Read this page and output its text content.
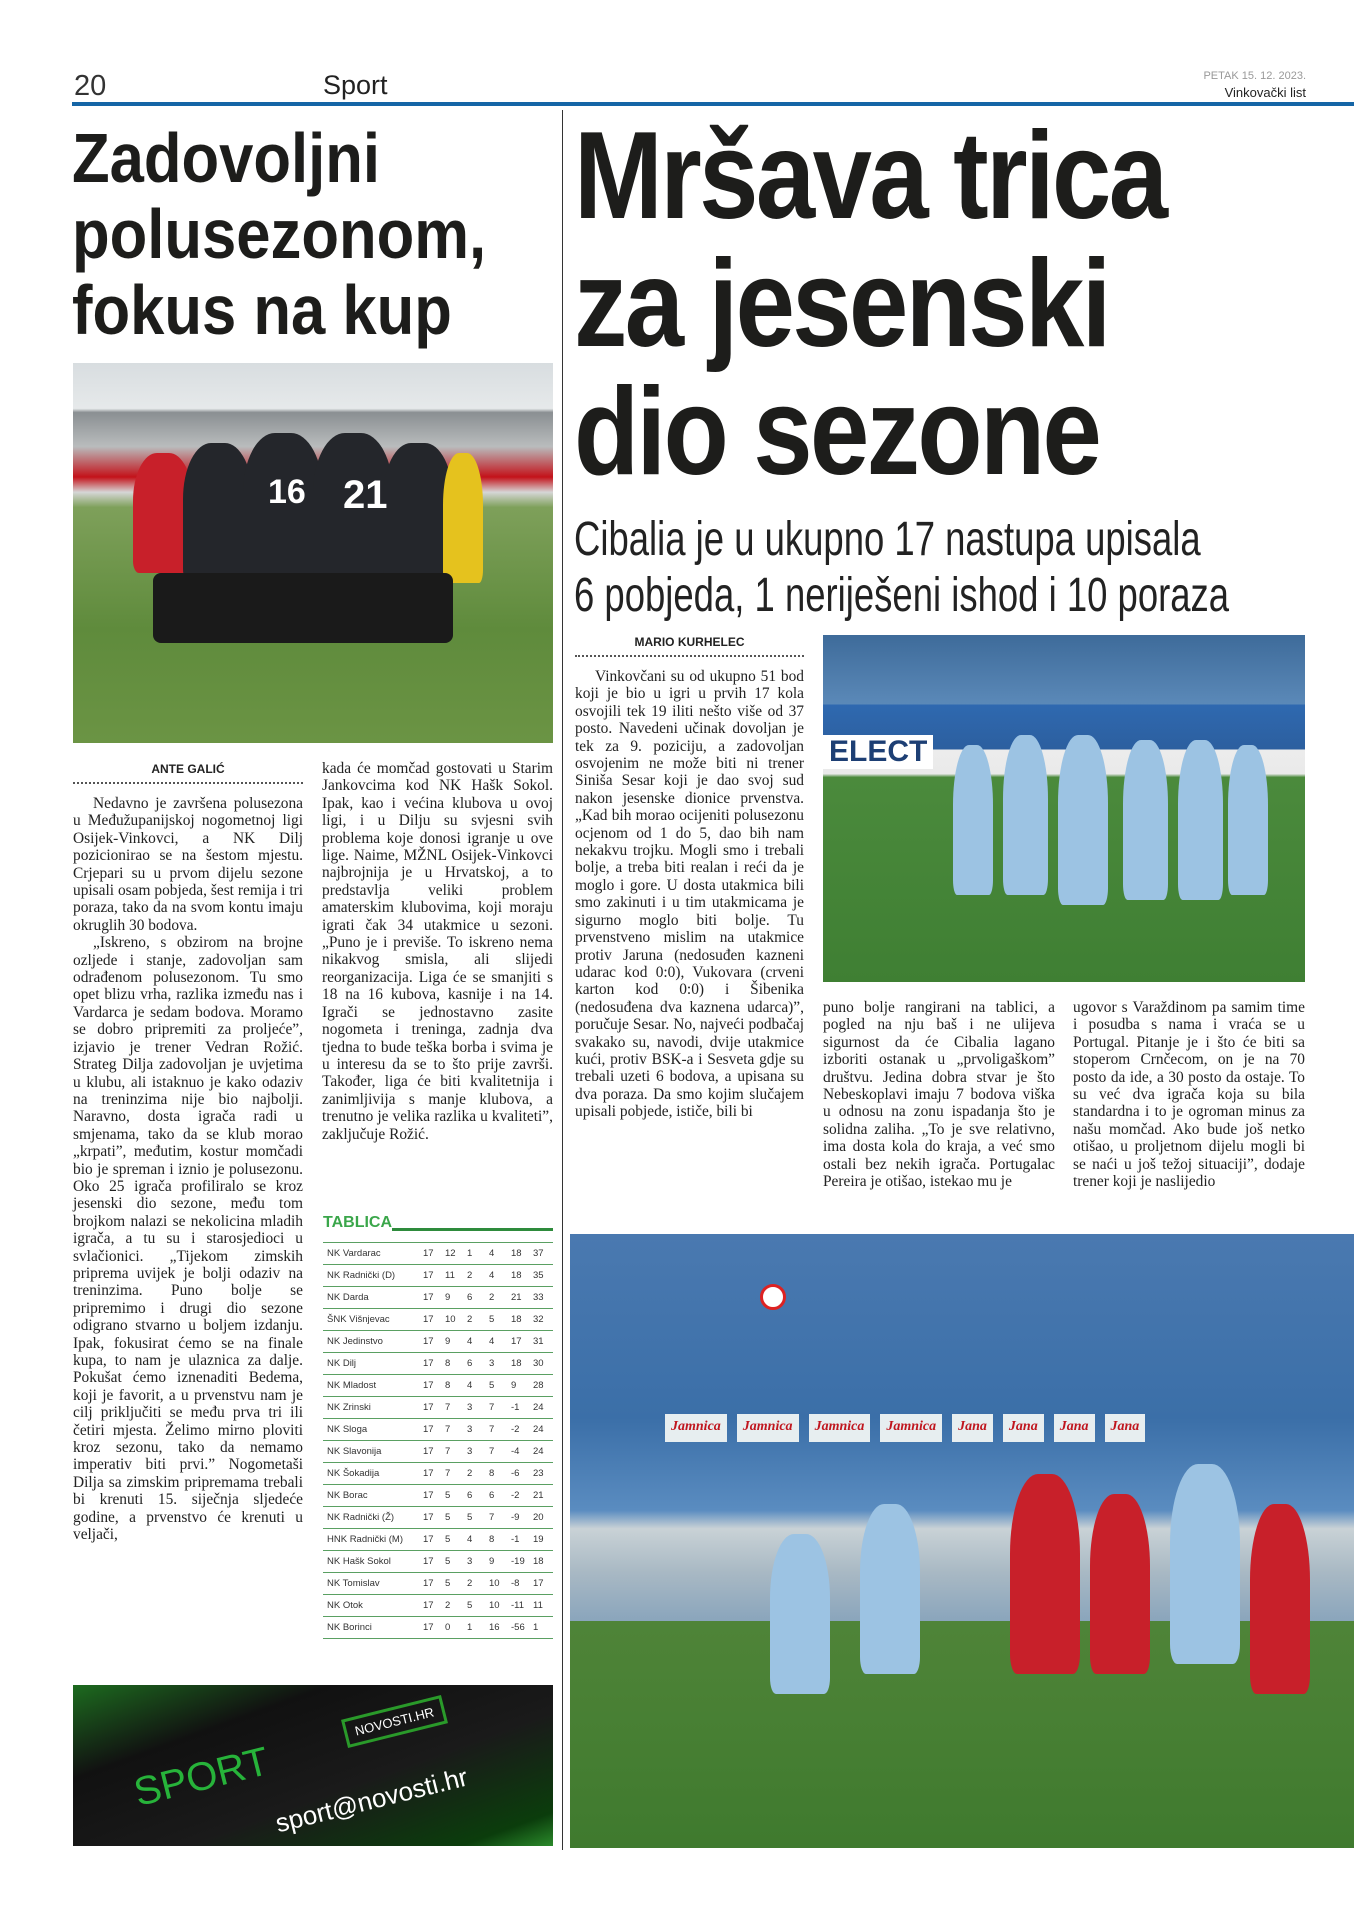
20	Sport	PETAK 15. 12. 2023.
Vinkovački list
Zadovoljni
polusezonom,
fokus na kup
16 21
ANTE GALIĆ

Nedavno je završena polusezona u Međužupanijskoj nogometnoj ligi Osijek-Vinkovci, a NK Dilj pozicionirao se na šestom mjestu. Crjepari su u prvom dijelu sezone upisali osam pobjeda, šest remija i tri poraza, tako da na svom kontu imaju okruglih 30 bodova.

„Iskreno, s obzirom na brojne ozljede i stanje, zadovoljan sam odrađenom polusezonom. Tu smo opet blizu vrha, razlika između nas i Vardarca je sedam bodova. Moramo se dobro pripremiti za proljeće”, izjavio je trener Vedran Rožić. Strateg Dilja zadovoljan je uvjetima u klubu, ali istaknuo je kako odaziv na treninzima nije bio najbolji. Naravno, dosta igrača radi u smjenama, tako da se klub morao „krpati”, međutim, kostur momčadi bio je spreman i iznio je polusezonu. Oko 25 igrača profiliralo se kroz jesenski dio sezone, među tom brojkom nalazi se nekolicina mladih igrača, a tu su i starosjedioci u svlačionici. „Tijekom zimskih priprema uvijek je bolji odaziv na treninzima. Puno bolje se pripremimo i drugi dio sezone odigrano stvarno u boljem izdanju. Ipak, fokusirat ćemo se na finale kupa, to nam je ulaznica za dalje. Pokušat ćemo iznenaditi Bedema, koji je favorit, a u prvenstvu nam je cilj priključiti se među prva tri ili četiri mjesta. Želimo mirno ploviti kroz sezonu, tako da nemamo imperativ biti prvi.” Nogometaši Dilja sa zimskim pripremama trebali bi krenuti 15. siječnja sljedeće godine, a prvenstvo će krenuti u veljači,

kada će momčad gostovati u Starim Jankovcima kod NK Hašk Sokol. Ipak, kao i većina klubova u ovoj ligi, i u Dilju su svjesni svih problema koje donosi igranje u ove lige. Naime, MŽNL Osijek-Vinkovci najbrojnija je u Hrvatskoj, a to predstavlja veliki problem amaterskim klubovima, koji moraju igrati čak 34 utakmice u sezoni. „Puno je i previše. To iskreno nema nikakvog smisla, ali slijedi reorganizacija. Liga će se smanjiti s 18 na 16 kubova, kasnije i na 14. Igrači se jednostavno zasite nogometa i treninga, zadnja dva tjedna to bude teška borba i svima je u interesu da se to što prije završi. Također, liga će biti kvalitetnija i zanimljivija s manje klubova, a trenutno je velika razlika u kvaliteti”, zaključuje Rožić.

TABLICA
NK Vardarac	17	12	1	4	18	37
NK Radnički (D)	17	11	2	4	18	35
NK Darda	17	9	6	2	21	33
ŠNK Višnjevac	17	10	2	5	18	32
NK Jedinstvo	17	9	4	4	17	31
NK Dilj	17	8	6	3	18	30
NK Mladost	17	8	4	5	9	28
NK Zrinski	17	7	3	7	-1	24
NK Sloga	17	7	3	7	-2	24
NK Slavonija	17	7	3	7	-4	24
NK Šokadija	17	7	2	8	-6	23
NK Borac	17	5	6	6	-2	21
NK Radnički (Ž)	17	5	5	7	-9	20
HNK Radnički (M)	17	5	4	8	-1	19
NK Hašk Sokol	17	5	3	9	-19	18
NK Tomislav	17	5	2	10	-8	17
NK Otok	17	2	5	10	-11	11
NK Borinci	17	0	1	16	-56	1
SPORT
NOVOSTI.HR
sport@novosti.hr
Mršava trica
za jesenski
dio sezone
Cibalia je u ukupno 17 nastupa upisala
6 pobjeda, 1 neriješeni ishod i 10 poraza
MARIO KURHELEC

Vinkovčani su od ukupno 51 bod koji je bio u igri u prvih 17 kola osvojili tek 19 iliti nešto više od 37 posto. Navedeni učinak dovoljan je tek za 9. poziciju, a zadovoljan osvojenim ne može biti ni trener Siniša Sesar koji je dao svoj sud nakon jesenske dionice prvenstva. „Kad bih morao ocijeniti polusezonu ocjenom od 1 do 5, dao bih nam nekakvu trojku. Mogli smo i trebali bolje, a treba biti realan i reći da je moglo i gore. U dosta utakmica bili smo zakinuti i u tim utakmicama je sigurno moglo biti bolje. Tu prvenstveno mislim na utakmice protiv Jaruna (nedosuđen kazneni udarac kod 0:0), Vukovara (crveni karton kod 0:0) i Šibenika (nedosuđena dva kaznena udarca)”, poručuje Sesar. No, najveći podbačaj svakako su, navodi, dvije utakmice kući, protiv BSK-a i Sesveta gdje su trebali uzeti 6 bodova, a upisana su dva poraza. Da smo kojim slučajem upisali pobjede, ističe, bili bi

ELECT

puno bolje rangirani na tablici, a pogled na nju baš i ne ulijeva sigurnost da će Cibalia lagano izboriti ostanak u „prvoligaškom” društvu. Jedina dobra stvar je što Nebeskoplavi imaju 7 bodova viška u odnosu na zonu ispadanja što je solidna zaliha. „To je sve relativno, ima dosta kola do kraja, a već smo ostali bez nekih igrača. Portugalac Pereira je otišao, istekao mu je

ugovor s Varaždinom pa samim time i posudba s nama i vraća se u Portugal. Pitanje je i što će biti sa stoperom Crnčecom, on je na 70 posto da ide, a 30 posto da ostaje. To su već dva igrača koja su bila standardna i to je ogroman minus za našu momčad. Ako bude još netko otišao, u proljetnom dijelu mogli bi se naći u još težoj situaciji”, dodaje trener koji je naslijedio

Jamnica	Jamnica	Jamnica	Jamnica	Jana	Jana	Jana	Jana
